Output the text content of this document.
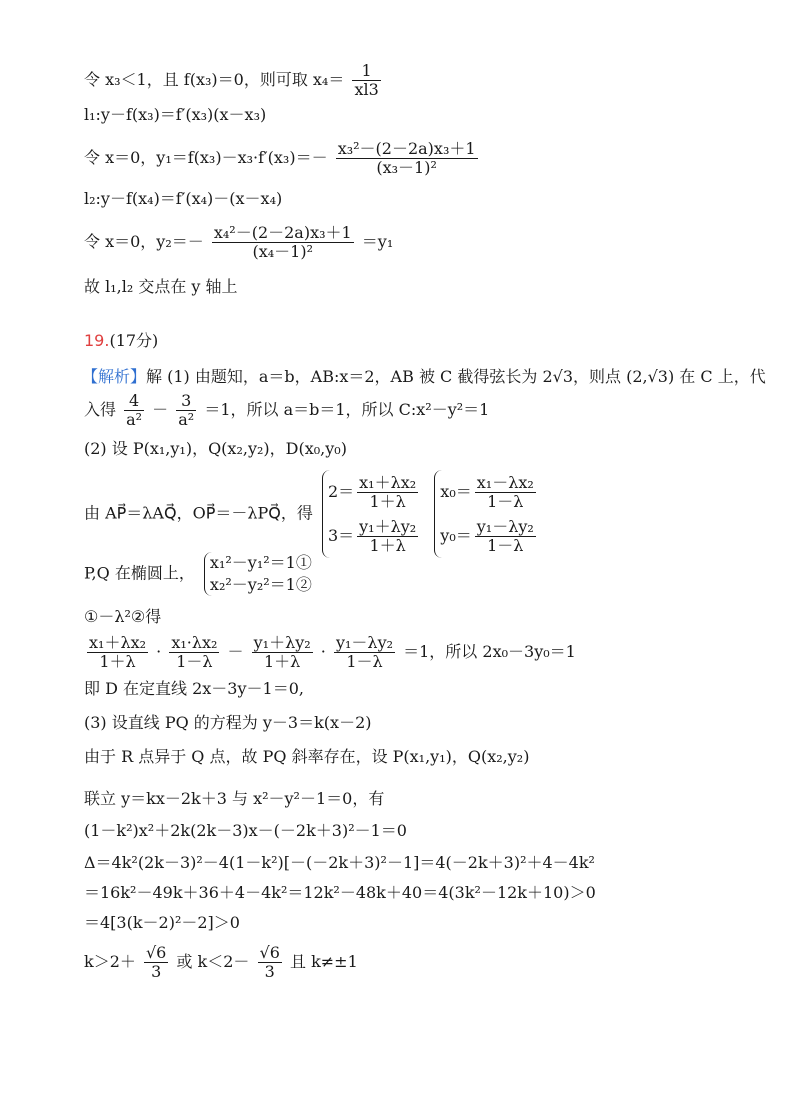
令 x₃＜1，且 f(x₃)＝0，则可取 $x_4= \frac{1}{xl3}$
l₁:y－f(x₃)＝f′(x₃)(x－x₃)
令 x＝0，$y_1=f(x_3)-x_3\cdot f'(x_3)=- \frac{\text{x₃²－(2－2a)x₃＋1}}{\text{(x₃－1)²}}$
l₂:y－f(x₄)＝f′(x₄)－(x－x₄)
令 x＝0，$y_2=- \frac{\text{x₄²－(2－2a)x₃＋1}}{\text{(x₄－1)²}} =y_1$
故 l₁,l₂ 交点在 y 轴上
19.(17分)
【解析】解 (1) 由题知，a＝b，AB:x＝2，AB 被 C 截得弦长为 2√3，则点 (2,√3) 在 C 上，代
入得 $\frac{4}{\text{a²}} - \frac{3}{\text{a²}} =1$，所以 a＝b＝1，所以 C:x²－y²＝1
(2) 设 P(x₁,y₁)，Q(x₂,y₂)，D(x₀,y₀)
由 AP⃗＝λAQ⃗，OP⃗＝－λPQ⃗，得
$2= \frac{\text{x₁＋λx₂}}{1+\lambda}$
$3= \frac{\text{y₁＋λy₂}}{1+\lambda}$

$x_0= \frac{\text{x₁－λx₂}}{1-\lambda}$
$y_0= \frac{\text{y₁－λy₂}}{1-\lambda}$
P,Q 在椭圆上，
x₁²－y₁²＝1①
x₂²－y₂²＝1②
①－λ²②得
$\frac{\text{x₁＋λx₂}}{1+\lambda} \cdot \frac{\text{x₁·λx₂}}{1-\lambda} - \frac{\text{y₁＋λy₂}}{1+\lambda} \cdot \frac{\text{y₁－λy₂}}{1-\lambda} =1$，所以 2x₀－3y₀＝1
即 D 在定直线 2x－3y－1＝0,
(3) 设直线 PQ 的方程为 y－3＝k(x－2)
由于 R 点异于 Q 点，故 PQ 斜率存在，设 P(x₁,y₁)，Q(x₂,y₂)
联立 y＝kx－2k＋3 与 x²－y²－1＝0，有
(1－k²)x²＋2k(2k－3)x－(－2k＋3)²－1＝0
Δ＝4k²(2k－3)²－4(1－k²)[－(－2k＋3)²－1]＝4(－2k＋3)²＋4－4k²
＝16k²－49k＋36＋4－4k²＝12k²－48k＋40＝4(3k²－12k＋10)＞0
＝4[3(k－2)²－2]＞0
$k>2+ \frac{√6}{3}$ 或 $k<2- \frac{√6}{3}$ 且 k≠±1
